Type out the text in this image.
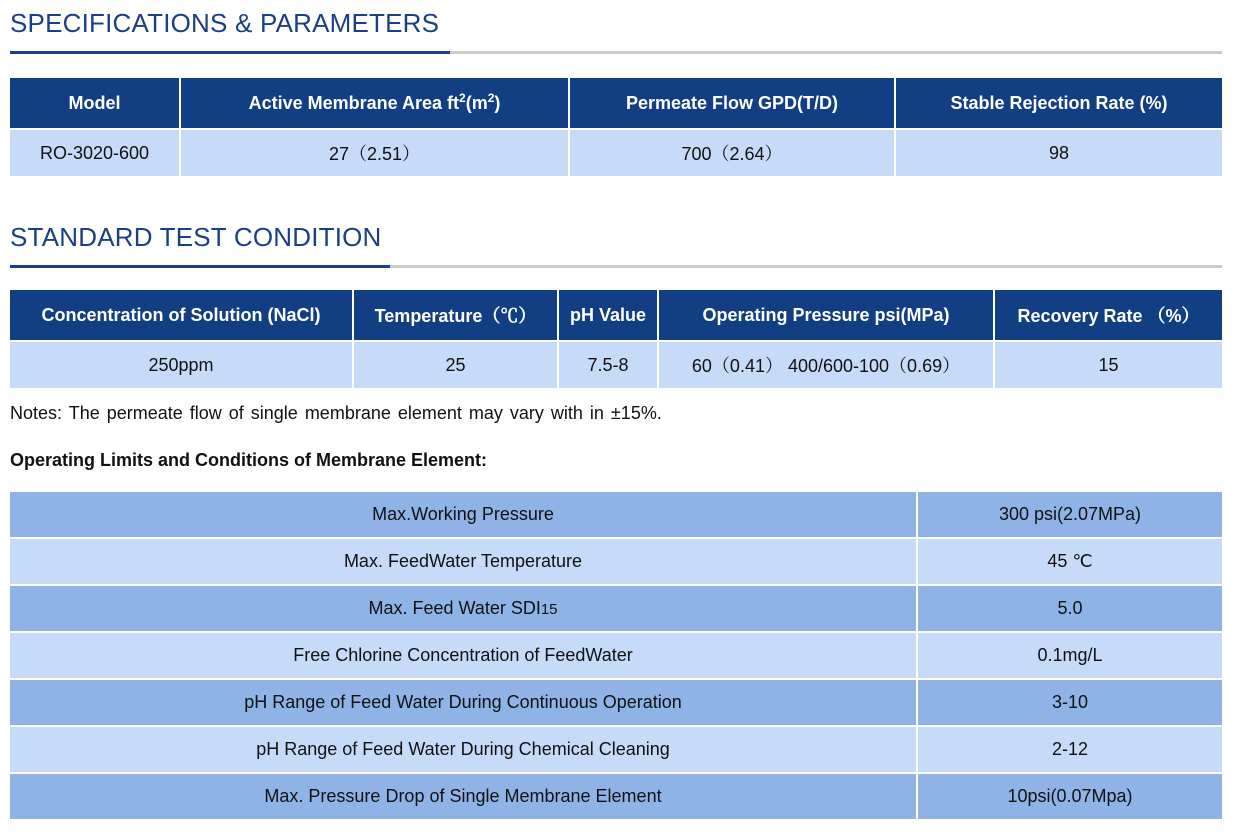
SPECIFICATIONS & PARAMETERS
Model	Active Membrane Area $ft^2(m^2)$	Permeate Flow GPD(T/D)	Stable Rejection Rate (%)
RO-3020-600	27（2.51）	700（2.64）	98
STANDARD TEST CONDITION
Concentration of Solution (NaCl)	Temperature（℃）	pH Value	Operating Pressure psi(MPa)	Recovery Rate （%）
250ppm	25	7.5-8	60（0.41） 400/600-100（0.69）	15
Notes: The permeate flow of single membrane element may vary with in ±15%.
Operating Limits and Conditions of Membrane Element:
Max.Working Pressure	300 psi(2.07MPa)
Max. FeedWater Temperature	45 ℃
Max. Feed Water SDI15	5.0
Free Chlorine Concentration of FeedWater	0.1mg/L
pH Range of Feed Water During Continuous Operation	3-10
pH Range of Feed Water During Chemical Cleaning	2-12
Max. Pressure Drop of Single Membrane Element	10psi(0.07Mpa)
